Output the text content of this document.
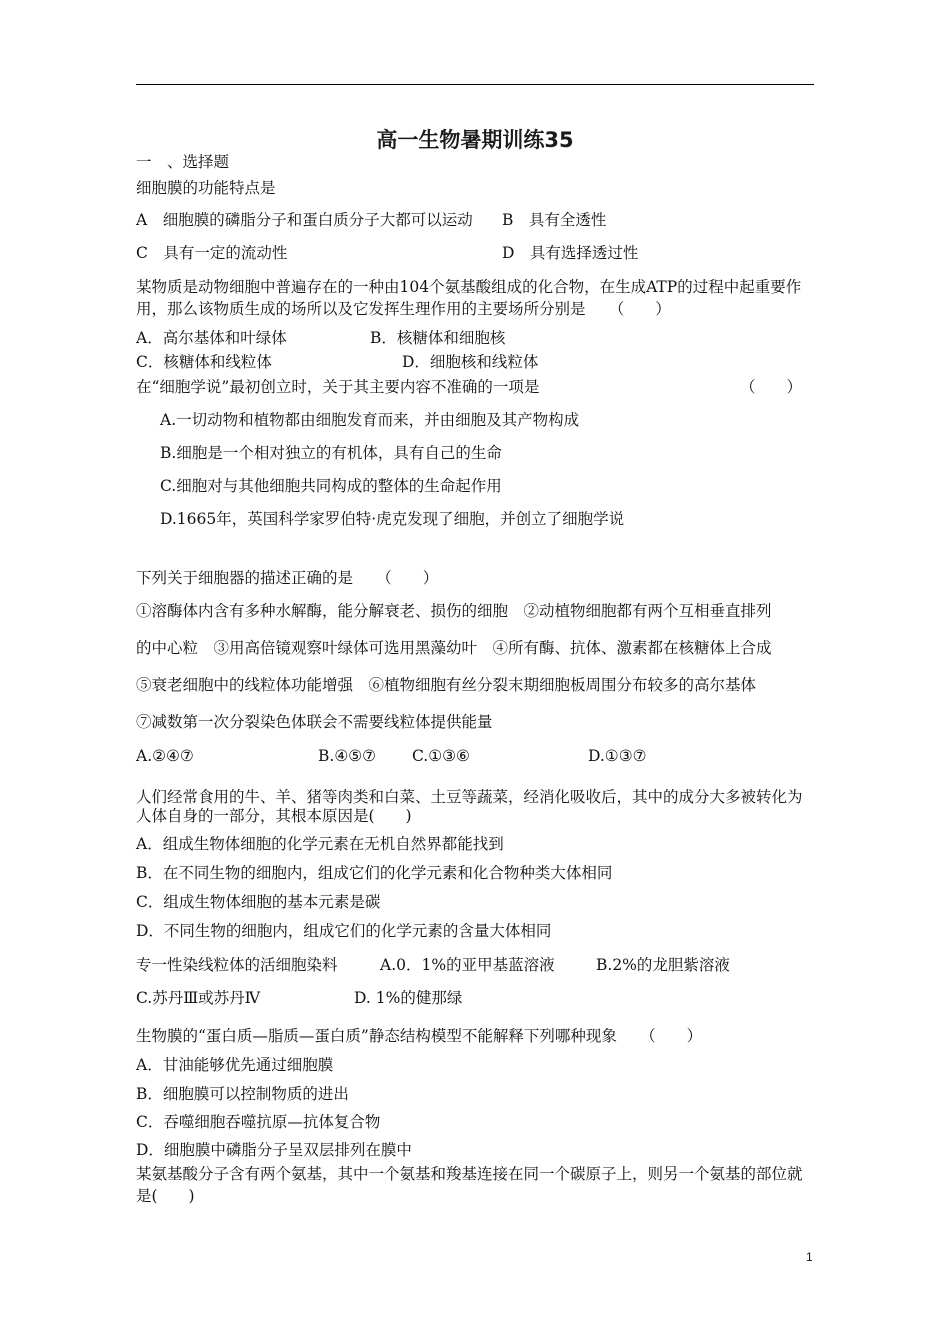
高一生物暑期训练35
一　、选择题
细胞膜的功能特点是
A　细胞膜的磷脂分子和蛋白质分子大都可以运动 B　具有全透性
C　具有一定的流动性	D　具有选择透过性
某物质是动物细胞中普遍存在的一种由104个氨基酸组成的化合物，在生成ATP的过程中起重要作用，那么该物质生成的场所以及它发挥生理作用的主要场所分别是　　（　　）
A．高尔基体和叶绿体	B．核糖体和细胞核
C．核糖体和线粒体	D．细胞核和线粒体
在“细胞学说”最初创立时，关于其主要内容不准确的一项是	（　　）
A.一切动物和植物都由细胞发育而来，并由细胞及其产物构成
B.细胞是一个相对独立的有机体，具有自己的生命
C.细胞对与其他细胞共同构成的整体的生命起作用
D.1665年，英国科学家罗伯特·虎克发现了细胞，并创立了细胞学说
下列关于细胞器的描述正确的是　　（　　）
①溶酶体内含有多种水解酶，能分解衰老、损伤的细胞　②动植物细胞都有两个互相垂直排列
的中心粒　③用高倍镜观察叶绿体可选用黑藻幼叶　④所有酶、抗体、激素都在核糖体上合成
⑤衰老细胞中的线粒体功能增强　⑥植物细胞有丝分裂末期细胞板周围分布较多的高尔基体
⑦减数第一次分裂染色体联会不需要线粒体提供能量
A.②④⑦	B.④⑤⑦ C.①③⑥	D.①③⑦
人们经常食用的牛、羊、猪等肉类和白菜、土豆等蔬菜，经消化吸收后，其中的成分大多被转化为人体自身的一部分，其根本原因是(　　)
A．组成生物体细胞的化学元素在无机自然界都能找到
B．在不同生物的细胞内，组成它们的化学元素和化合物种类大体相同
C．组成生物体细胞的基本元素是碳
D．不同生物的细胞内，组成它们的化学元素的含量大体相同
专一性染线粒体的活细胞染料	A.0．1%的亚甲基蓝溶液	B.2%的龙胆紫溶液
C.苏丹Ⅲ或苏丹Ⅳ	D. 1%的健那绿
生物膜的“蛋白质—脂质—蛋白质”静态结构模型不能解释下列哪种现象　　（　　）
A．甘油能够优先通过细胞膜
B．细胞膜可以控制物质的进出
C．吞噬细胞吞噬抗原—抗体复合物
D．细胞膜中磷脂分子呈双层排列在膜中
某氨基酸分子含有两个氨基，其中一个氨基和羧基连接在同一个碳原子上，则另一个氨基的部位就是(　　)
1
